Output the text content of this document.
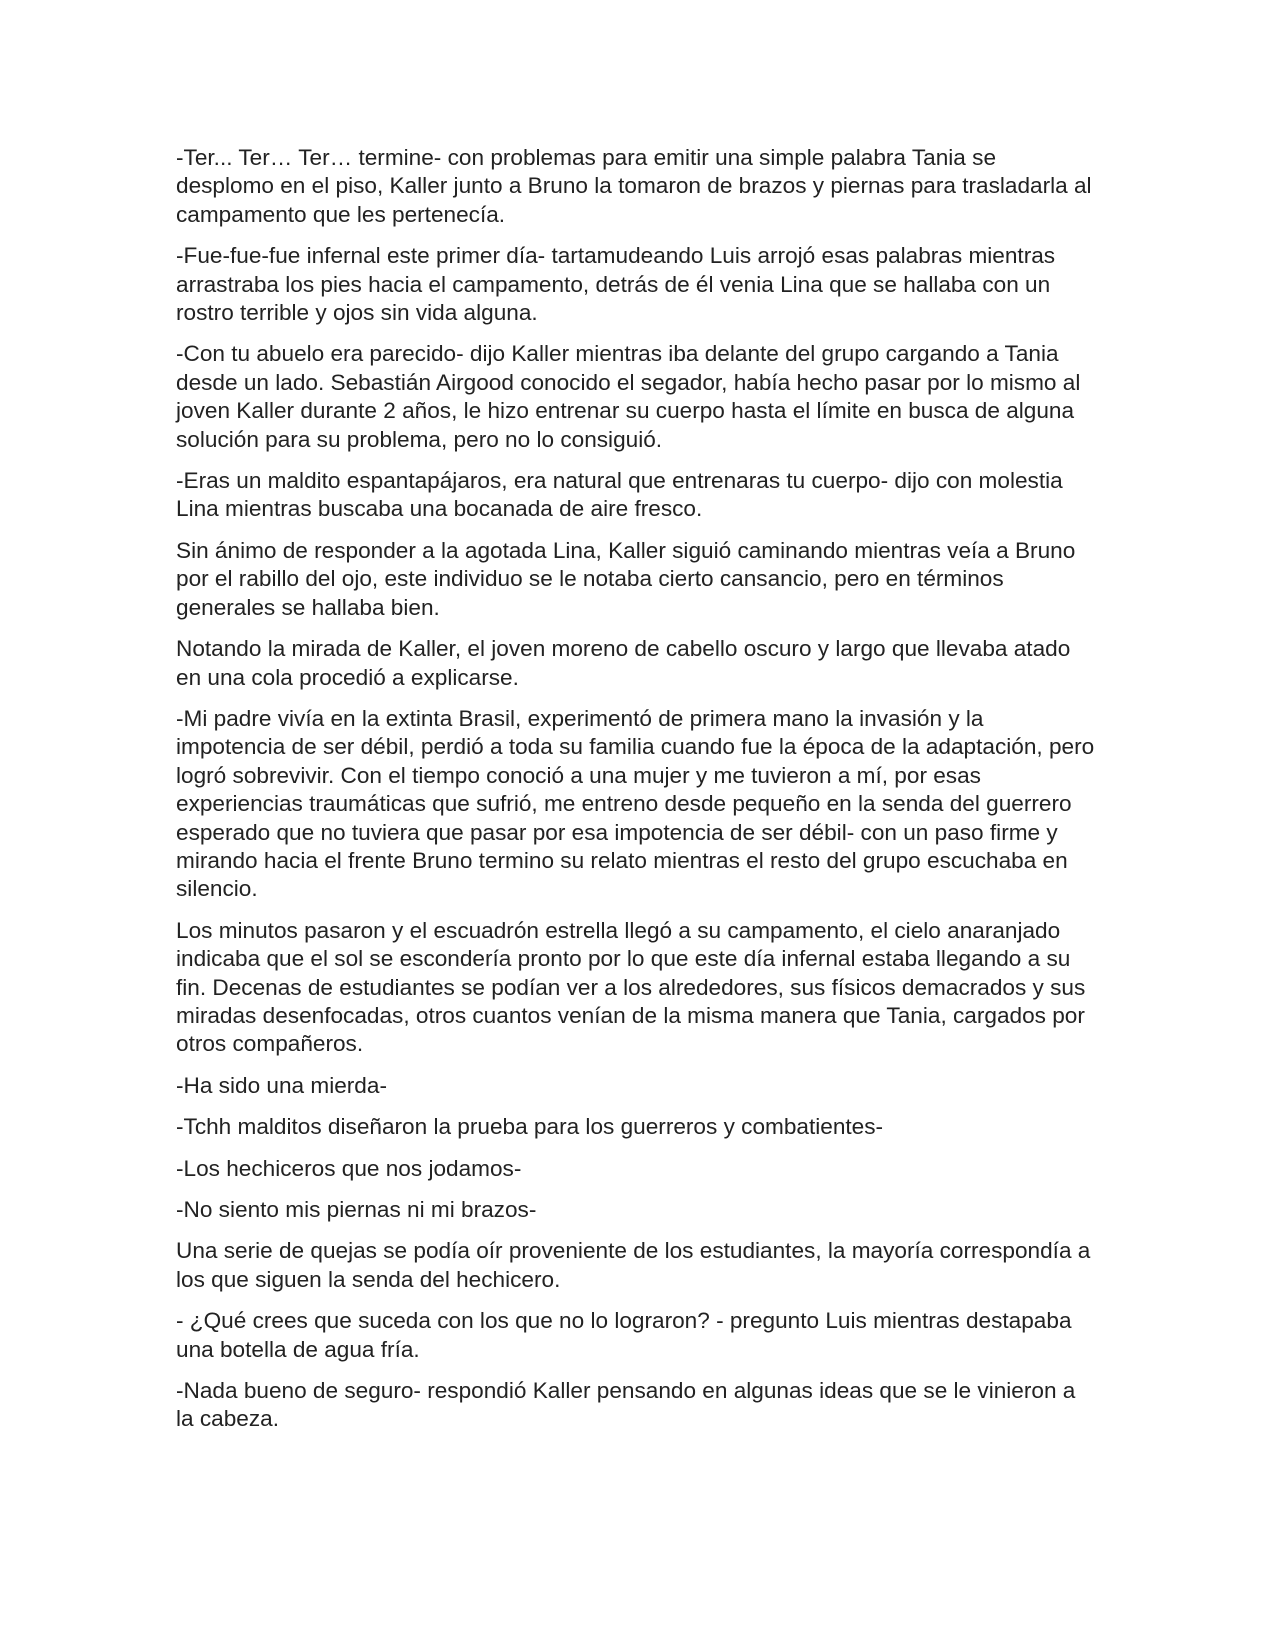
-Ter... Ter… Ter… termine- con problemas para emitir una simple palabra Tania se desplomo en el piso, Kaller junto a Bruno la tomaron de brazos y piernas para trasladarla al campamento que les pertenecía.

-Fue-fue-fue infernal este primer día- tartamudeando Luis arrojó esas palabras mientras arrastraba los pies hacia el campamento, detrás de él venia Lina que se hallaba con un rostro terrible y ojos sin vida alguna.

-Con tu abuelo era parecido- dijo Kaller mientras iba delante del grupo cargando a Tania desde un lado. Sebastián Airgood conocido el segador, había hecho pasar por lo mismo al joven Kaller durante 2 años, le hizo entrenar su cuerpo hasta el límite en busca de alguna solución para su problema, pero no lo consiguió.

-Eras un maldito espantapájaros, era natural que entrenaras tu cuerpo- dijo con molestia Lina mientras buscaba una bocanada de aire fresco.

Sin ánimo de responder a la agotada Lina, Kaller siguió caminando mientras veía a Bruno por el rabillo del ojo, este individuo se le notaba cierto cansancio, pero en términos generales se hallaba bien.

Notando la mirada de Kaller, el joven moreno de cabello oscuro y largo que llevaba atado en una cola procedió a explicarse.

-Mi padre vivía en la extinta Brasil, experimentó de primera mano la invasión y la impotencia de ser débil, perdió a toda su familia cuando fue la época de la adaptación, pero logró sobrevivir. Con el tiempo conoció a una mujer y me tuvieron a mí, por esas experiencias traumáticas que sufrió, me entreno desde pequeño en la senda del guerrero esperado que no tuviera que pasar por esa impotencia de ser débil- con un paso firme y mirando hacia el frente Bruno termino su relato mientras el resto del grupo escuchaba en silencio.

Los minutos pasaron y el escuadrón estrella llegó a su campamento, el cielo anaranjado indicaba que el sol se escondería pronto por lo que este día infernal estaba llegando a su fin. Decenas de estudiantes se podían ver a los alrededores, sus físicos demacrados y sus miradas desenfocadas, otros cuantos venían de la misma manera que Tania, cargados por otros compañeros.

-Ha sido una mierda-

-Tchh malditos diseñaron la prueba para los guerreros y combatientes-

-Los hechiceros que nos jodamos-

-No siento mis piernas ni mi brazos-

Una serie de quejas se podía oír proveniente de los estudiantes, la mayoría correspondía a los que siguen la senda del hechicero.

- ¿Qué crees que suceda con los que no lo lograron? - pregunto Luis mientras destapaba una botella de agua fría.

-Nada bueno de seguro- respondió Kaller pensando en algunas ideas que se le vinieron a la cabeza.
